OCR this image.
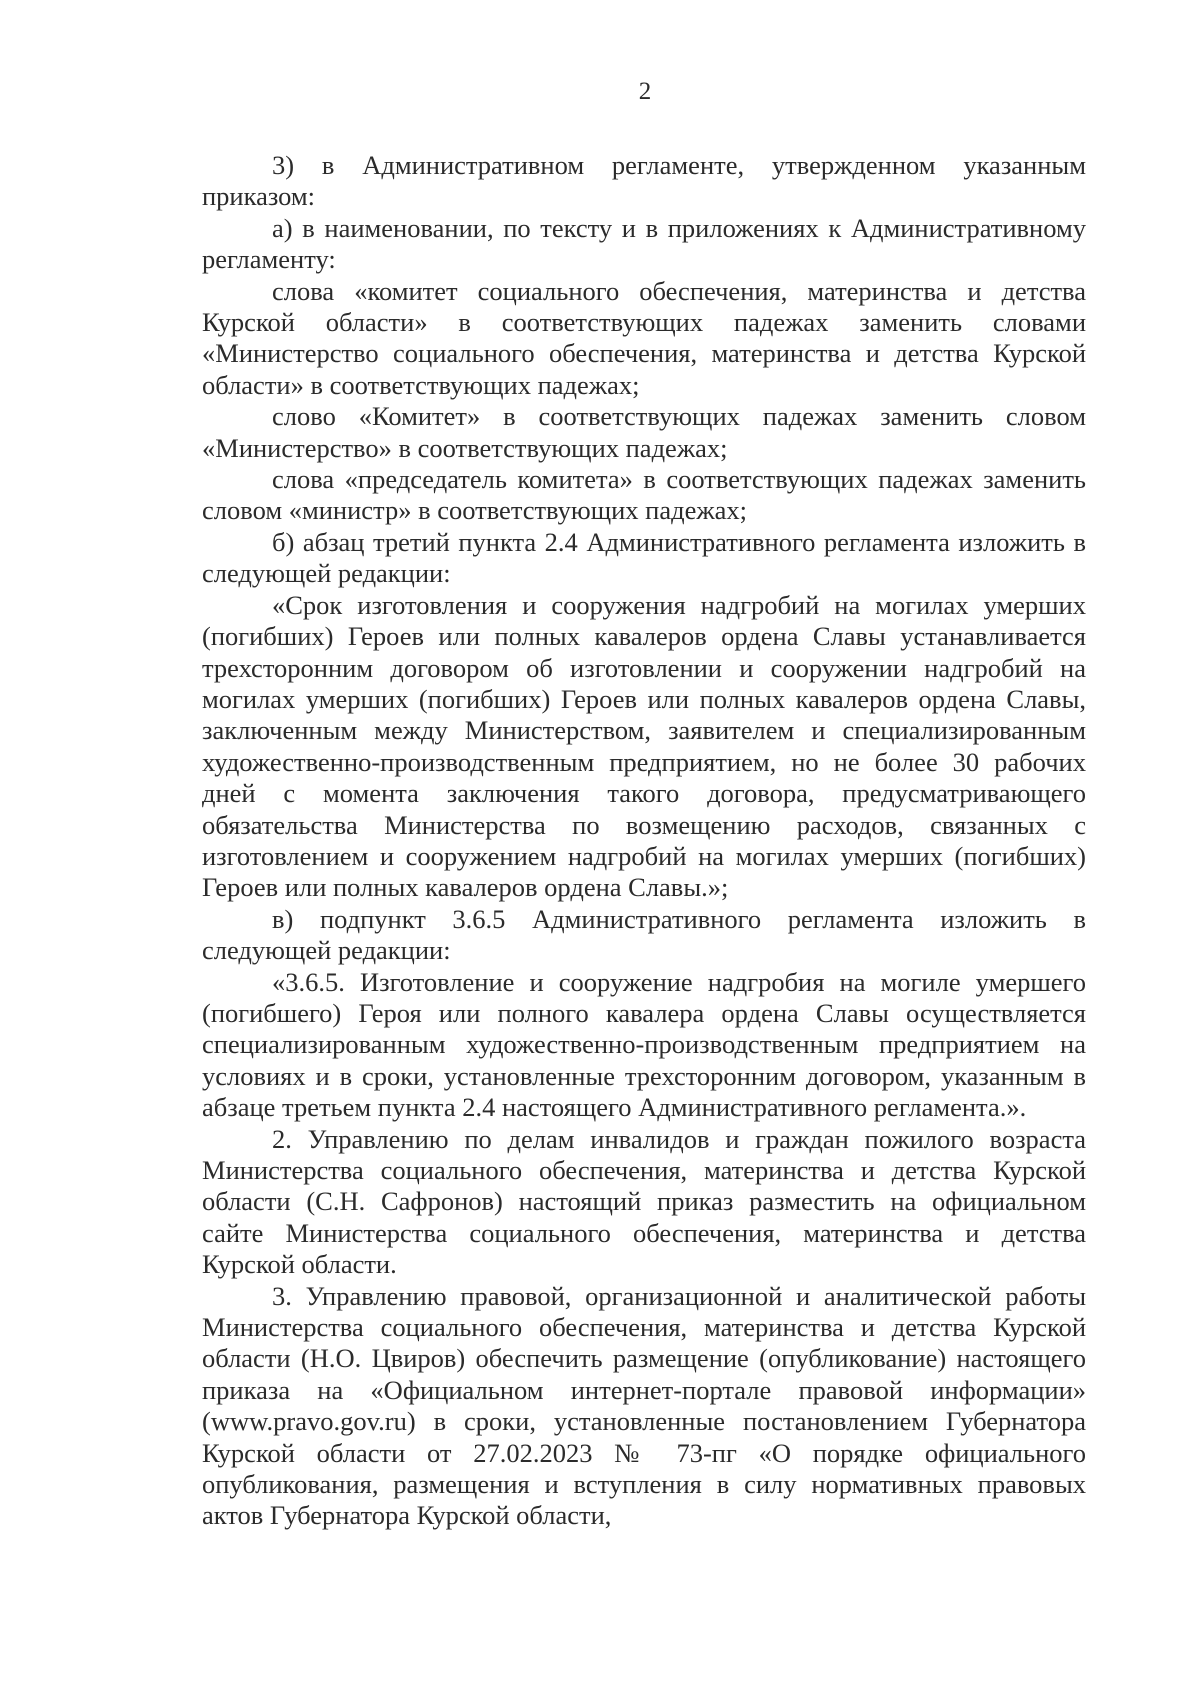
2

3) в Административном регламенте, утвержденном указанным приказом:

а) в наименовании, по тексту и в приложениях к Административному регламенту:

слова «комитет социального обеспечения, материнства и детства Курской области» в соответствующих падежах заменить словами «Министерство социального обеспечения, материнства и детства Курской области» в соответствующих падежах;

слово «Комитет» в соответствующих падежах заменить словом «Министерство» в соответствующих падежах;

слова «председатель комитета» в соответствующих падежах заменить словом «министр» в соответствующих падежах;

б) абзац третий пункта 2.4 Административного регламента изложить в следующей редакции:

«Срок изготовления и сооружения надгробий на могилах умерших (погибших) Героев или полных кавалеров ордена Славы устанавливается трехсторонним договором об изготовлении и сооружении надгробий на могилах умерших (погибших) Героев или полных кавалеров ордена Славы, заключенным между Министерством, заявителем и специализированным художественно-производственным предприятием, но не более 30 рабочих дней с момента заключения такого договора, предусматривающего обязательства Министерства по возмещению расходов, связанных с изготовлением и сооружением надгробий на могилах умерших (погибших) Героев или полных кавалеров ордена Славы.»;

в) подпункт 3.6.5 Административного регламента изложить в следующей редакции:

«3.6.5. Изготовление и сооружение надгробия на могиле умершего (погибшего) Героя или полного кавалера ордена Славы осуществляется специализированным художественно-производственным предприятием на условиях и в сроки, установленные трехсторонним договором, указанным в абзаце третьем пункта 2.4 настоящего Административного регламента.».

2. Управлению по делам инвалидов и граждан пожилого возраста Министерства социального обеспечения, материнства и детства Курской области (С.Н. Сафронов) настоящий приказ разместить на официальном сайте Министерства социального обеспечения, материнства и детства Курской области.

3. Управлению правовой, организационной и аналитической работы Министерства социального обеспечения, материнства и детства Курской области (Н.О. Цвиров) обеспечить размещение (опубликование) настоящего приказа на «Официальном интернет-портале правовой информации» (www.pravo.gov.ru) в сроки, установленные постановлением Губернатора Курской области от 27.02.2023 № 73-пг «О порядке официального опубликования, размещения и вступления в силу нормативных правовых актов Губернатора Курской области,
